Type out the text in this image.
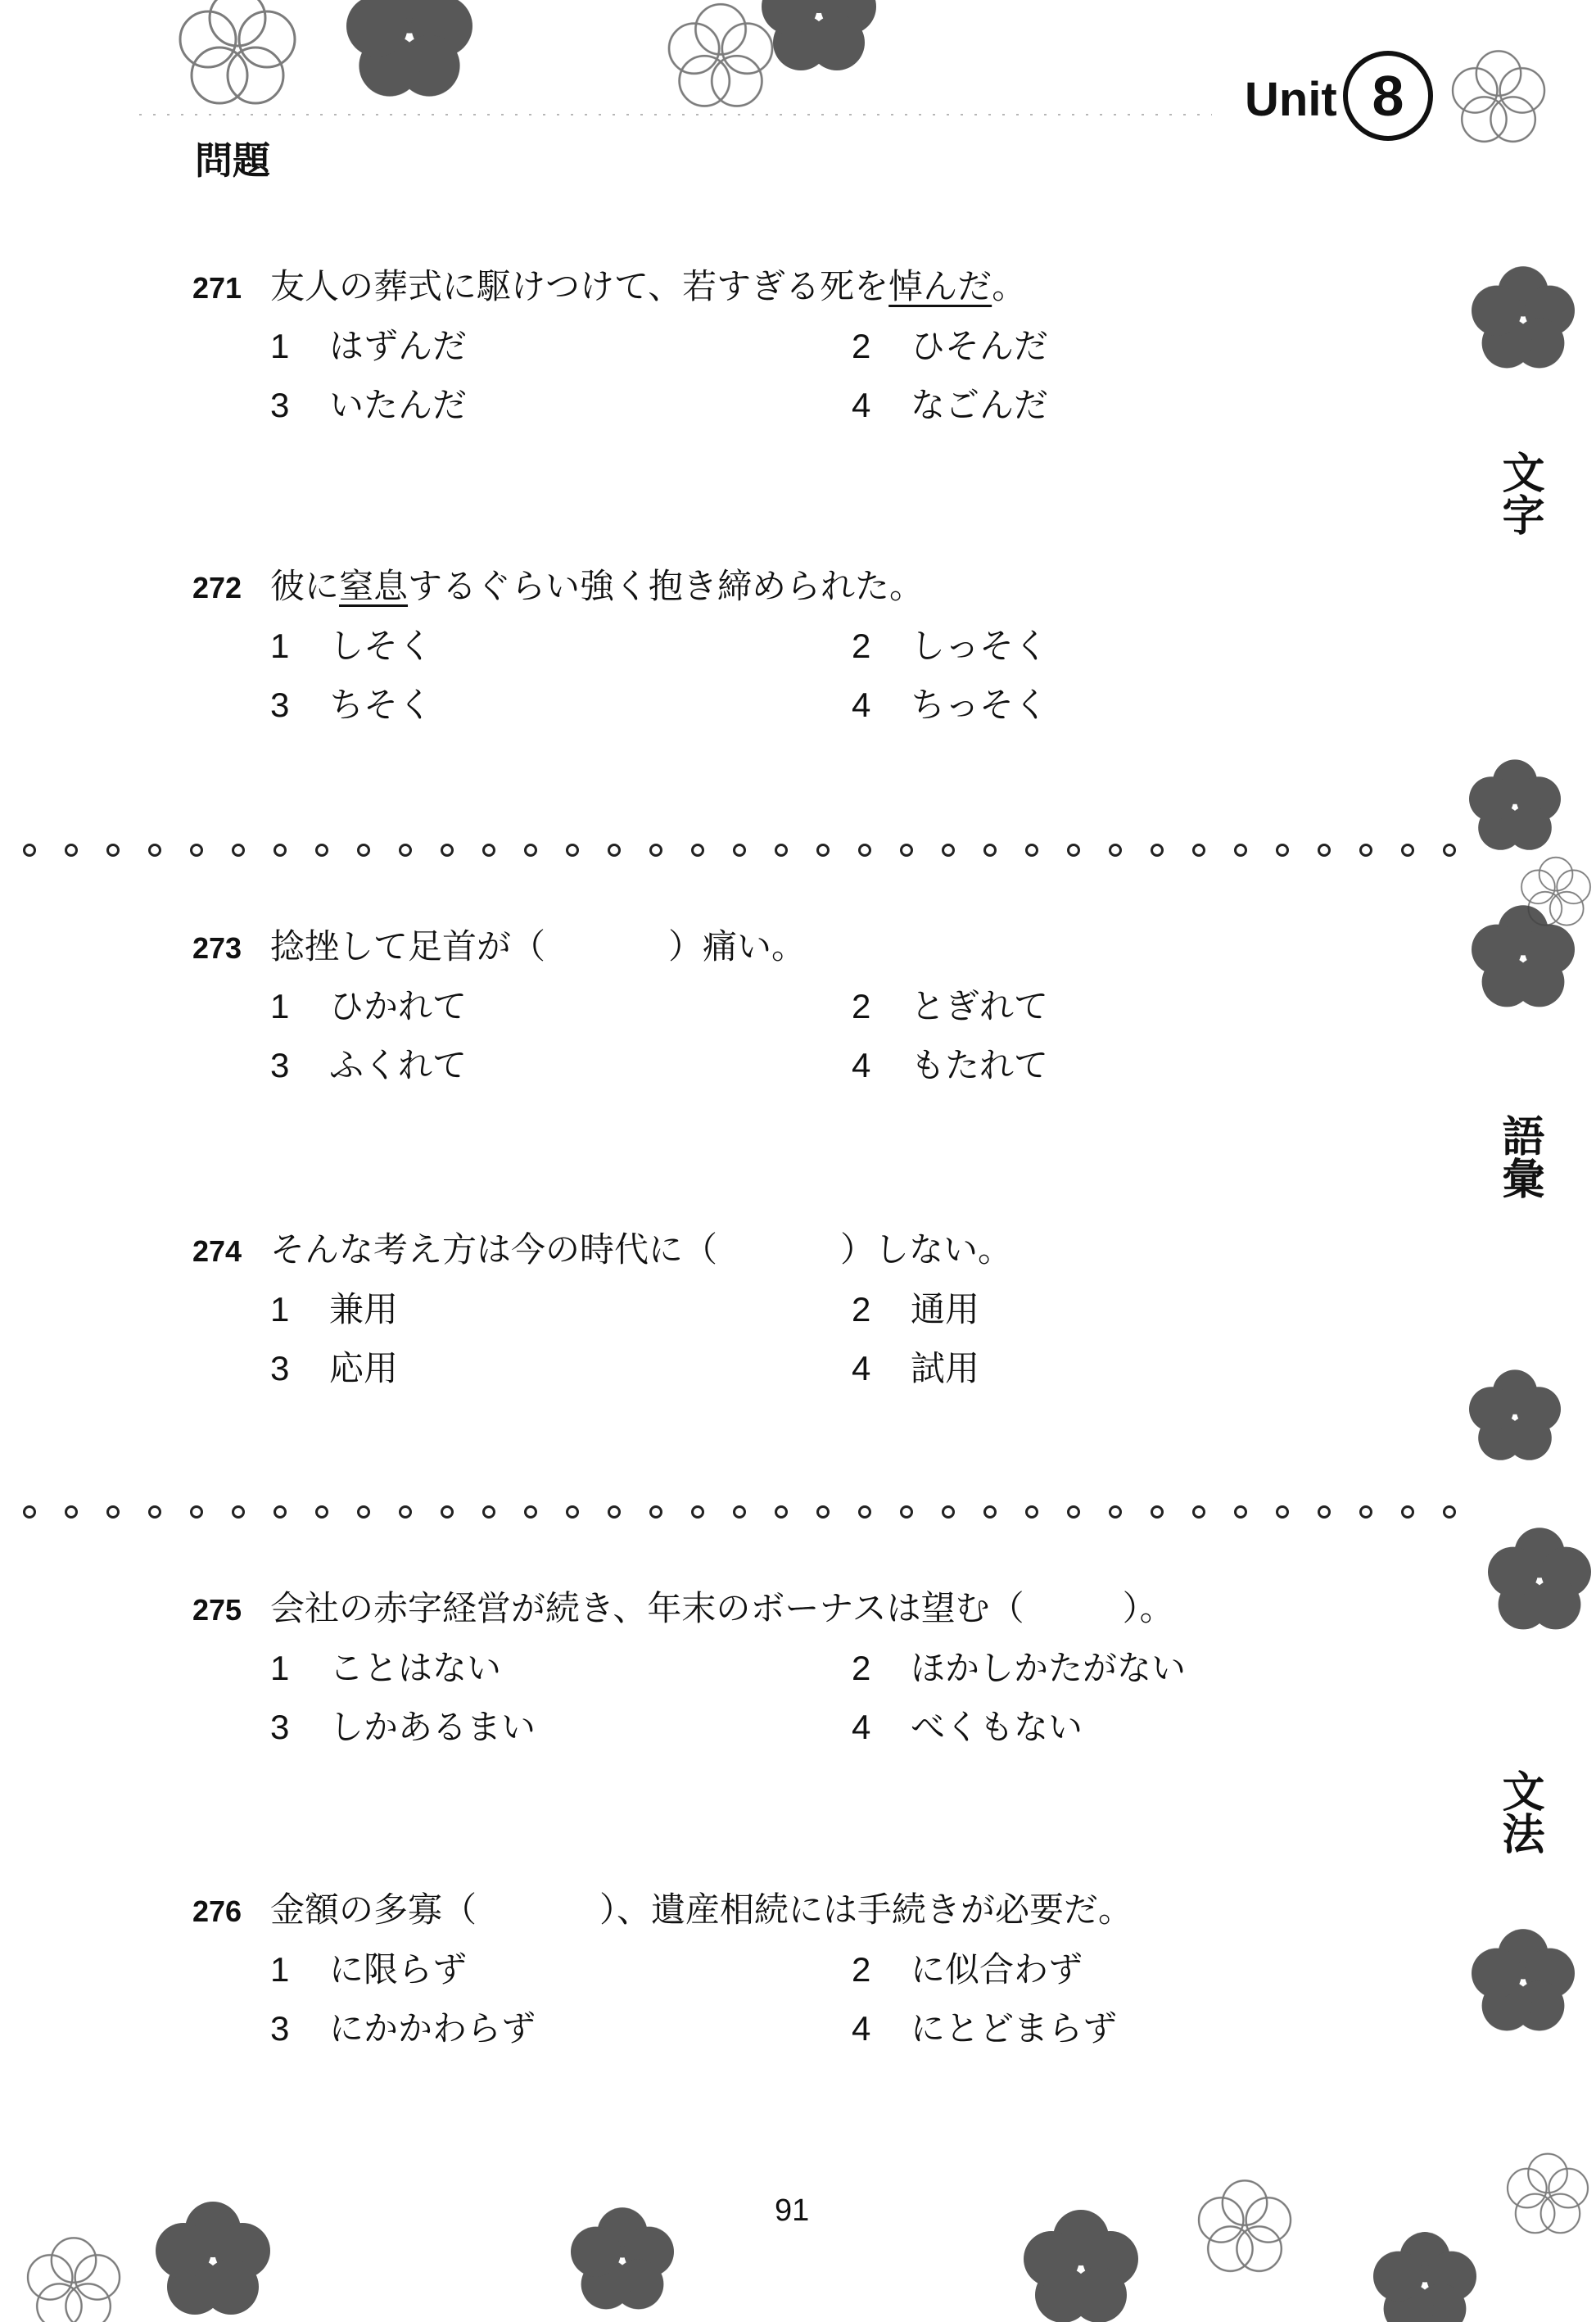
Unit 8
問題
文字
語彙
文法
271 友人の葬式に駆けつけて、若すぎる死を悼んだ。
1 はずんだ	2 ひそんだ
3 いたんだ	4 なごんだ
272 彼に窒息するぐらい強く抱き締められた。
1 しそく	2 しっそく
3 ちそく	4 ちっそく
273 捻挫して足首が（	）痛い。
1 ひかれて	2 とぎれて
3 ふくれて	4 もたれて
274 そんな考え方は今の時代に（	）しない。
1 兼用	2 通用
3 応用	4 試用
275 会社の赤字経営が続き、年末のボーナスは望む（	）。
1 ことはない	2 ほかしかたがない
3 しかあるまい	4 べくもない
276 金額の多寡（	）、遺産相続には手続きが必要だ。
1 に限らず	2 に似合わず
3 にかかわらず	4 にとどまらず
91
